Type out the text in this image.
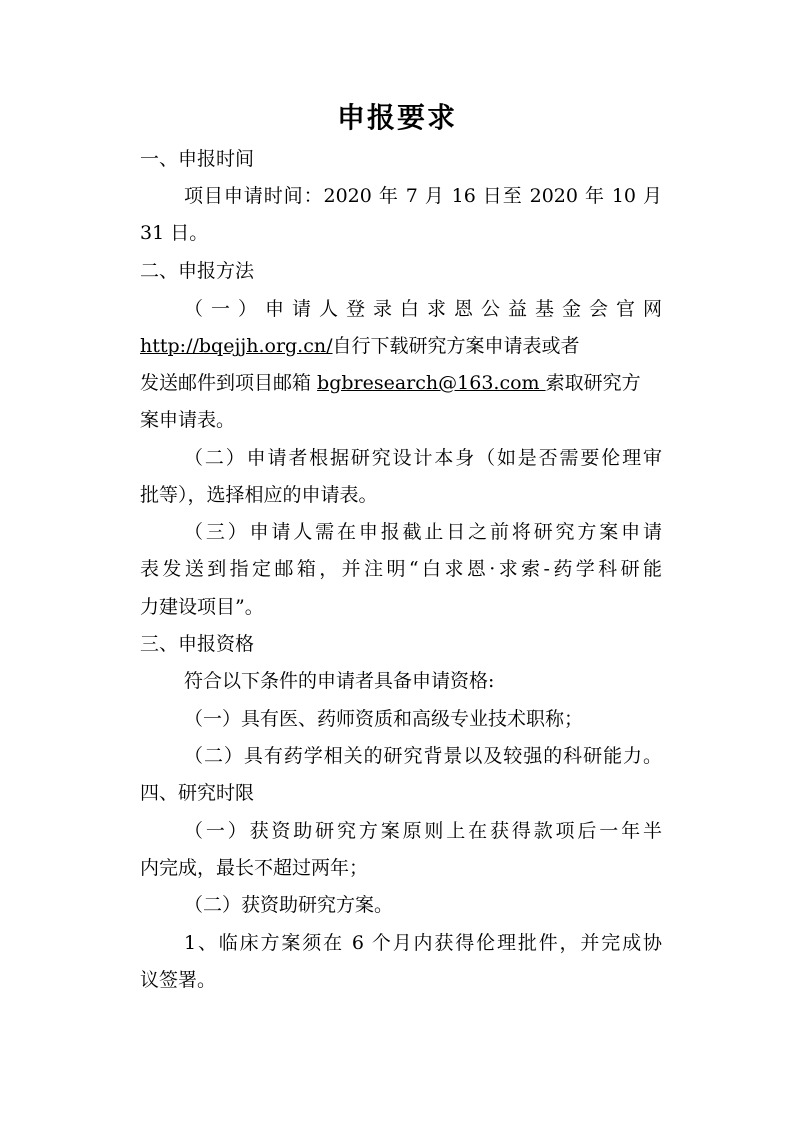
申报要求
一、申报时间
项目申请时间：2020 年 7 月 16 日至 2020 年 10 月
31 日。
二、申报方法
（一）申请人登录白求恩公益基金会官网
http://bqejjh.org.cn/自行下载研究方案申请表或者
发送邮件到项目邮箱 bgbresearch@163.com 索取研究方
案申请表。
（二）申请者根据研究设计本身（如是否需要伦理审
批等），选择相应的申请表。
（三）申请人需在申报截止日之前将研究方案申请
表发送到指定邮箱，并注明“白求恩·求索-药学科研能
力建设项目”。
三、申报资格
符合以下条件的申请者具备申请资格:
（一）具有医、药师资质和高级专业技术职称；
（二）具有药学相关的研究背景以及较强的科研能力。
四、研究时限
（一）获资助研究方案原则上在获得款项后一年半
内完成，最长不超过两年；
（二）获资助研究方案。
1、临床方案须在 6 个月内获得伦理批件，并完成协
议签署。
